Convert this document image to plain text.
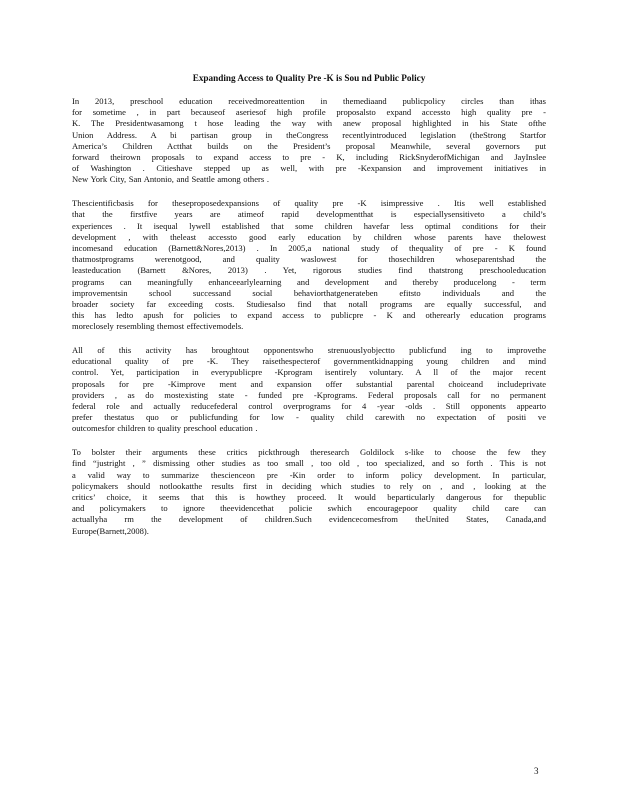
Expanding Access to Quality Pre -K is Sou nd Public Policy

In 2013, preschool education receivedmoreattention in themediaand publicpolicy circles than ithas
for sometime , in part becauseof aseriesof high profile proposalsto expand accessto high quality pre -
K. The Presidentwasamong t hose leading the way with anew proposal highlighted in his State ofthe
Union Address. A bi partisan group in theCongress recentlyintroduced legislation (theStrong Startfor
America’s Children Actthat builds on the President’s proposal Meanwhile, several governors put
forward theirown proposals to expand access to pre - K, including RickSnyderofMichigan and JayInslee
of Washington . Citieshave stepped up as well, with pre -Kexpansion and improvement initiatives in
New York City, San Antonio, and Seattle among others .

Thescientificbasis for theseproposedexpansions of quality pre -K isimpressive . Itis well established
that the firstfive years are atimeof rapid developmentthat is especiallysensitiveto a child’s
experiences . It isequal lywell established that some children havefar less optimal conditions for their
development , with theleast accessto good early education by children whose parents have thelowest
incomesand education (Barnett&Nores,2013) . In 2005,a national study of thequality of pre - K found
thatmostprograms werenotgood, and quality waslowest for thosechildren whoseparentshad the
leasteducation (Barnett &Nores, 2013) . Yet, rigorous studies find thatstrong preschooleducation
programs can meaningfully enhanceearlylearning and development and thereby producelong - term
improvementsin school successand social behaviorthatgenerateben efitsto individuals and the
broader society far exceeding costs. Studiesalso find that notall programs are equally successful, and
this has ledto apush for policies to expand access to publicpre - K and otherearly education programs
moreclosely resembling themost effectivemodels.

All of this activity has broughtout opponentswho strenuouslyobjectto publicfund ing to improvethe
educational quality of pre -K. They raisethespecterof governmentkidnapping young children and mind
control. Yet, participation in everypublicpre -Kprogram isentirely voluntary. A ll of the major recent
proposals for pre -Kimprove ment and expansion offer substantial parental choiceand includeprivate
providers , as do mostexisting state - funded pre -Kprograms. Federal proposals call for no permanent
federal role and actually reducefederal control overprograms for 4 -year -olds . Still opponents appearto
prefer thestatus quo or publicfunding for low - quality child carewith no expectation of positi ve
outcomesfor children to quality preschool education .

To bolster their arguments these critics pickthrough theresearch Goldilock s-like to choose the few they
find “justright , ” dismissing other studies as too small , too old , too specialized, and so forth . This is not
a valid way to summarize thescienceon pre -Kin order to inform policy development. In particular,
policymakers should notlookatthe results first in deciding which studies to rely on , and , looking at the
critics’ choice, it seems that this is howthey proceed. It would beparticularly dangerous for thepublic
and policymakers to ignore theevidencethat policie swhich encouragepoor quality child care can
actuallyha rm the development of children.Such evidencecomesfrom theUnited States, Canada,and
Europe(Barnett,2008).

3
